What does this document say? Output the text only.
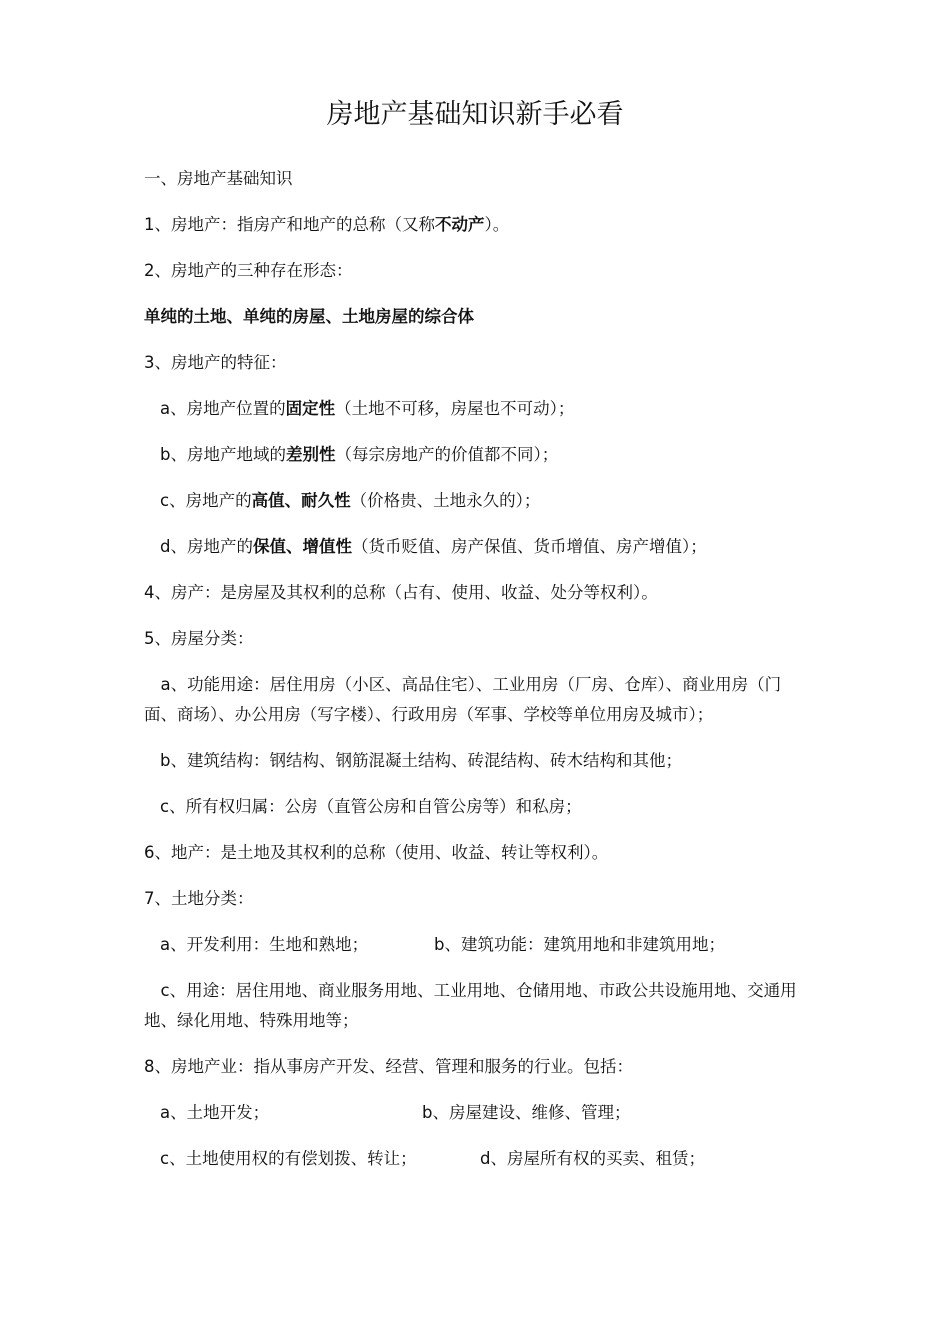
房地产基础知识新手必看

一、房地产基础知识

1、房地产：指房产和地产的总称（又称不动产）。

2、房地产的三种存在形态：

单纯的土地、单纯的房屋、土地房屋的综合体

3、房地产的特征：

a、房地产位置的固定性（土地不可移，房屋也不可动）；

b、房地产地域的差别性（每宗房地产的价值都不同）；

c、房地产的高值、耐久性（价格贵、土地永久的）；

d、房地产的保值、增值性（货币贬值、房产保值、货币增值、房产增值）；

4、房产：是房屋及其权利的总称（占有、使用、收益、处分等权利）。

5、房屋分类：

　a、功能用途：居住用房（小区、高品住宅）、工业用房（厂房、仓库）、商业用房（门面、商场）、办公用房（写字楼）、行政用房（军事、学校等单位用房及城市）；

b、建筑结构：钢结构、钢筋混凝土结构、砖混结构、砖木结构和其他；

c、所有权归属：公房（直管公房和自管公房等）和私房；

6、地产：是土地及其权利的总称（使用、收益、转让等权利）。

7、土地分类：

a、开发利用：生地和熟地；	b、建筑功能：建筑用地和非建筑用地；

　c、用途：居住用地、商业服务用地、工业用地、仓储用地、市政公共设施用地、交通用地、绿化用地、特殊用地等；

8、房地产业：指从事房产开发、经营、管理和服务的行业。包括：

a、土地开发；	b、房屋建设、维修、管理；

c、土地使用权的有偿划拨、转让；	d、房屋所有权的买卖、租赁；
